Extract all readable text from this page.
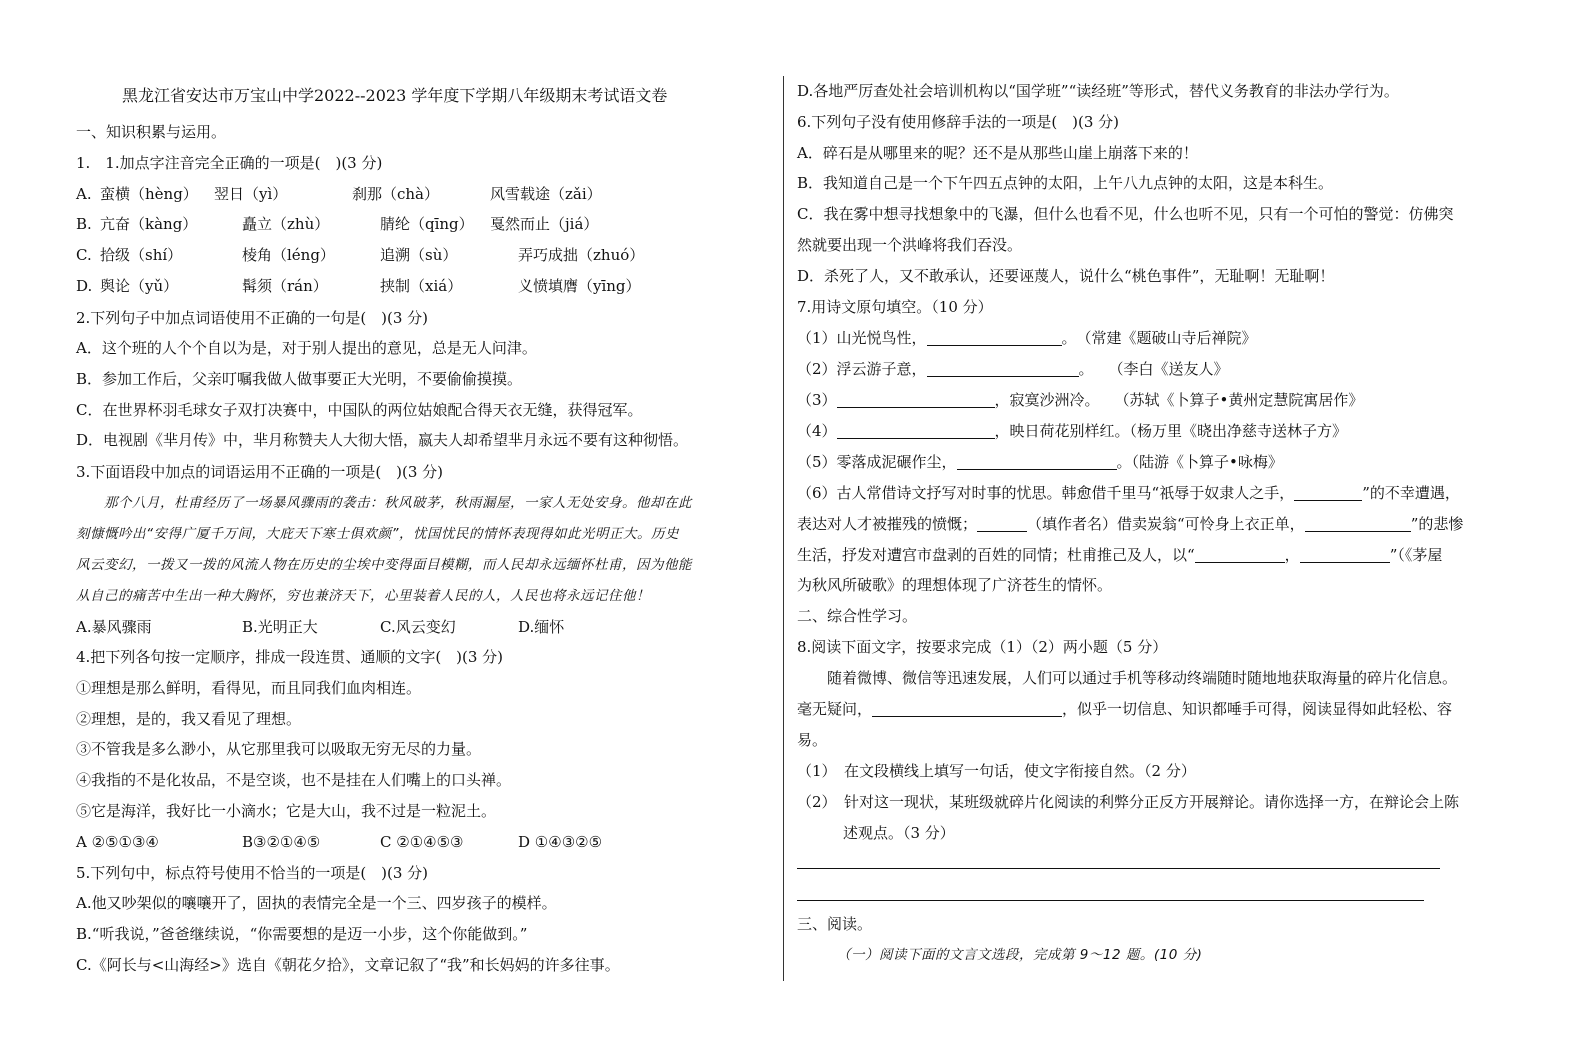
黑龙江省安达市万宝山中学2022--2023 学年度下学期八年级期末考试语文卷
一、知识积累与运用。
1.　1.加点字注音完全正确的一项是(　)(3 分)
A. 蛮横（hèng） 翌日（yì）	刹那（chà）	风雪载途（zǎi）
B. 亢奋（kàng）	矗立（zhù）	腈纶（qīng） 戛然而止（jiá）
C. 拾级（shí）	棱角（léng）	追溯（sù）	弄巧成拙（zhuó）
D. 舆论（yǔ）	髯须（rán）	挟制（xiá）	义愤填膺（yīng）
2.下列句子中加点词语使用不正确的一句是(　)(3 分)
A．这个班的人个个自以为是，对于别人提出的意见，总是无人问津。
B．参加工作后，父亲叮嘱我做人做事要正大光明，不要偷偷摸摸。
C．在世界杯羽毛球女子双打决赛中，中国队的两位姑娘配合得天衣无缝，获得冠军。
D．电视剧《芈月传》中，芈月称赞夫人大彻大悟，嬴夫人却希望芈月永远不要有这种彻悟。
3.下面语段中加点的词语运用不正确的一项是(　)(3 分)
　　那个八月，杜甫经历了一场暴风骤雨的袭击：秋风破茅，秋雨漏屋，一家人无处安身。他却在此
刻慷慨吟出“安得广厦千万间，大庇天下寒士俱欢颜”，忧国忧民的情怀表现得如此光明正大。历史
风云变幻，一拨又一拨的风流人物在历史的尘埃中变得面目模糊，而人民却永远缅怀杜甫，因为他能
从自己的痛苦中生出一种大胸怀，穷也兼济天下，心里装着人民的人，人民也将永远记住他！
A.暴风骤雨	B.光明正大	C.风云变幻	D.缅怀
4.把下列各句按一定顺序，排成一段连贯、通顺的文字(　)(3 分)
①理想是那么鲜明，看得见，而且同我们血肉相连。
②理想，是的，我又看见了理想。
③不管我是多么渺小，从它那里我可以吸取无穷无尽的力量。
④我指的不是化妆品，不是空谈，也不是挂在人们嘴上的口头禅。
⑤它是海洋，我好比一小滴水；它是大山，我不过是一粒泥土。
A ②⑤①③④	B③②①④⑤	C ②①④⑤③	D ①④③②⑤
5.下列句中，标点符号使用不恰当的一项是(　)(3 分)
A.他又吵架似的嚷嚷开了，固执的表情完全是一个三、四岁孩子的模样。
B.“听我说，”爸爸继续说，“你需要想的是迈一小步，这个你能做到。”
C.《阿长与<山海经>》选自《朝花夕拾》，文章记叙了“我”和长妈妈的许多往事。
D.各地严厉查处社会培训机构以“国学班”“读经班”等形式，替代义务教育的非法办学行为。
6.下列句子没有使用修辞手法的一项是(　)(3 分)
A．碎石是从哪里来的呢？还不是从那些山崖上崩落下来的！
B．我知道自己是一个下午四五点钟的太阳，上午八九点钟的太阳，这是本科生。
C．我在雾中想寻找想象中的飞瀑，但什么也看不见，什么也听不见，只有一个可怕的警觉：仿佛突
然就要出现一个洪峰将我们吞没。
D．杀死了人，又不敢承认，还要诬蔑人，说什么“桃色事件”，无耻啊！无耻啊！
7.用诗文原句填空。（10 分）
（1）山光悦鸟性，	。　（常建《题破山寺后禅院》
（2）浮云游子意，	。　　（李白《送友人》
（3）	，寂寞沙洲冷。　　（苏轼《卜算子•黄州定慧院寓居作》
（4）	，映日荷花别样红。（杨万里《晓出净慈寺送林子方》
（5）零落成泥碾作尘，	。（陆游《卜算子•咏梅》
（6）古人常借诗文抒写对时事的忧思。韩愈借千里马“祇辱于奴隶人之手，	”的不幸遭遇，
表达对人才被摧残的愤慨；	（填作者名）借卖炭翁“可怜身上衣正单，	”的悲惨
生活，抒发对遭宫市盘剥的百姓的同情；杜甫推己及人，以“	，	”（《茅屋
为秋风所破歌》的理想体现了广济苍生的情怀。
二、综合性学习。
8.阅读下面文字，按要求完成（1）（2）两小题（5 分）
　　随着微博、微信等迅速发展，人们可以通过手机等移动终端随时随地地获取海量的碎片化信息。
毫无疑问，	，似乎一切信息、知识都唾手可得，阅读显得如此轻松、容
易。
（1）　在文段横线上填写一句话，使文字衔接自然。（2 分）
（2）　针对这一现状，某班级就碎片化阅读的利弊分正反方开展辩论。请你选择一方，在辩论会上陈
述观点。（3 分）
三、阅读。
（一）阅读下面的文言文选段，完成第 9～12 题。(10 分)
